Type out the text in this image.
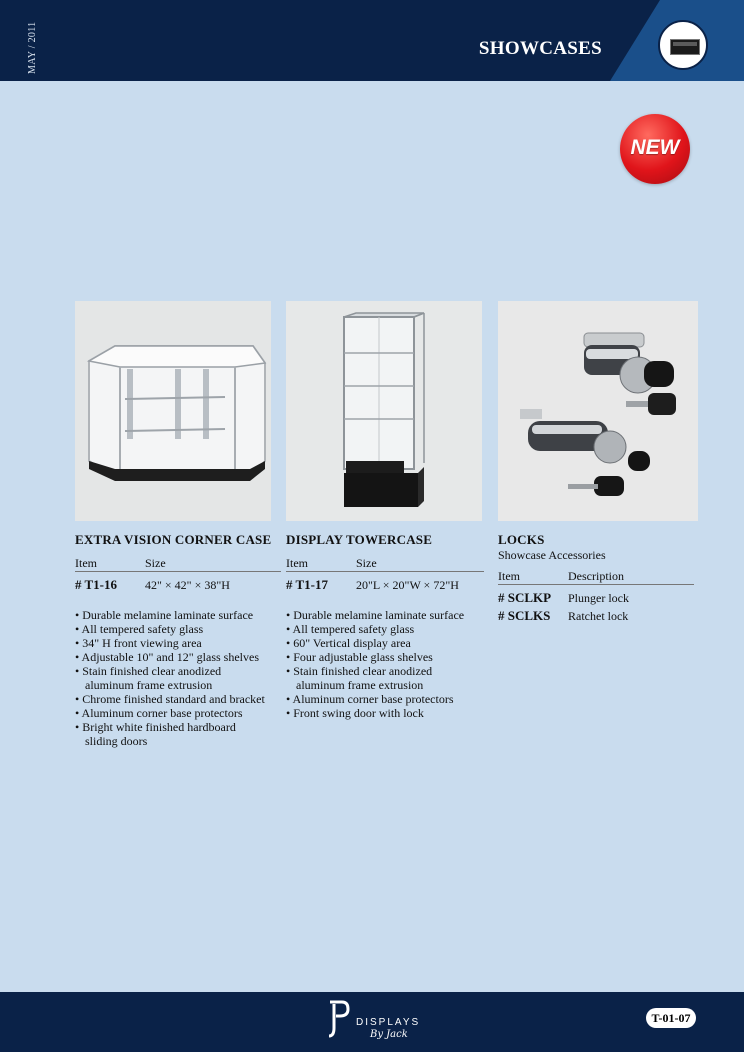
MAY / 2011	SHOWCASES
NEW
EXTRA VISION CORNER CASE
Item	Size
# T1-16	42" × 42" × 38"H
• Durable melamine laminate surface
• All tempered safety glass
• 34" H front viewing area
• Adjustable 10" and 12" glass shelves
• Stain finished clear anodized aluminum frame extrusion
• Chrome finished standard and bracket
• Aluminum corner base protectors
• Bright white finished hardboard sliding doors
DISPLAY TOWERCASE
Item	Size
# T1-17	20"L × 20"W × 72"H
• Durable melamine laminate surface
• All tempered safety glass
• 60" Vertical display area
• Four adjustable glass shelves
• Stain finished clear anodized aluminum frame extrusion
• Aluminum corner base protectors
• Front swing door with lock
LOCKS
Showcase Accessories
Item	Description
# SCLKP	Plunger lock
# SCLKS	Ratchet lock
DISPLAYS
By Jack
T-01-07
